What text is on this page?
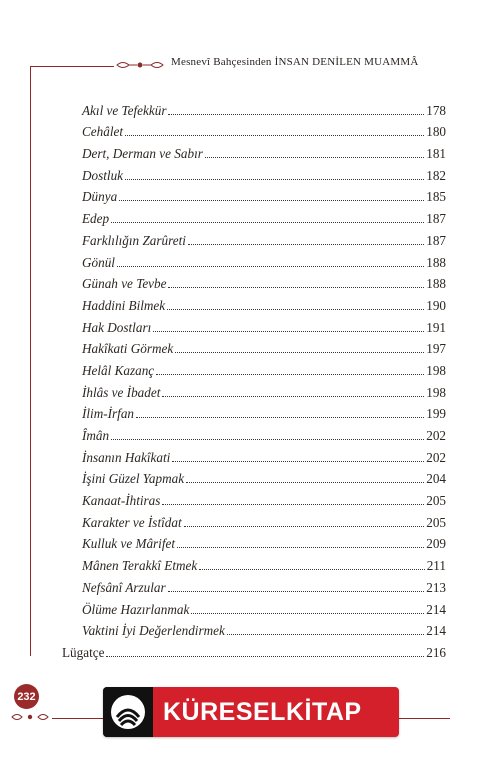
Mesnevî Bahçesinden İNSAN DENİLEN MUAMMÂ
Akıl ve Tefekkür	178
Cehâlet	180
Dert, Derman ve Sabır	181
Dostluk	182
Dünya	185
Edep	187
Farklılığın Zarûreti	187
Gönül	188
Günah ve Tevbe	188
Haddini Bilmek	190
Hak Dostları	191
Hakîkati Görmek	197
Helâl Kazanç	198
İhlâs ve İbadet	198
İlim-İrfan	199
Îmân	202
İnsanın Hakîkati	202
İşini Güzel Yapmak	204
Kanaat-İhtiras	205
Karakter ve İstîdat	205
Kulluk ve Mârifet	209
Mânen Terakkî Etmek	211
Nefsânî Arzular	213
Ölüme Hazırlanmak	214
Vaktini İyi Değerlendirmek	214
Lügatçe	216
232
KÜRESELKİTAP
